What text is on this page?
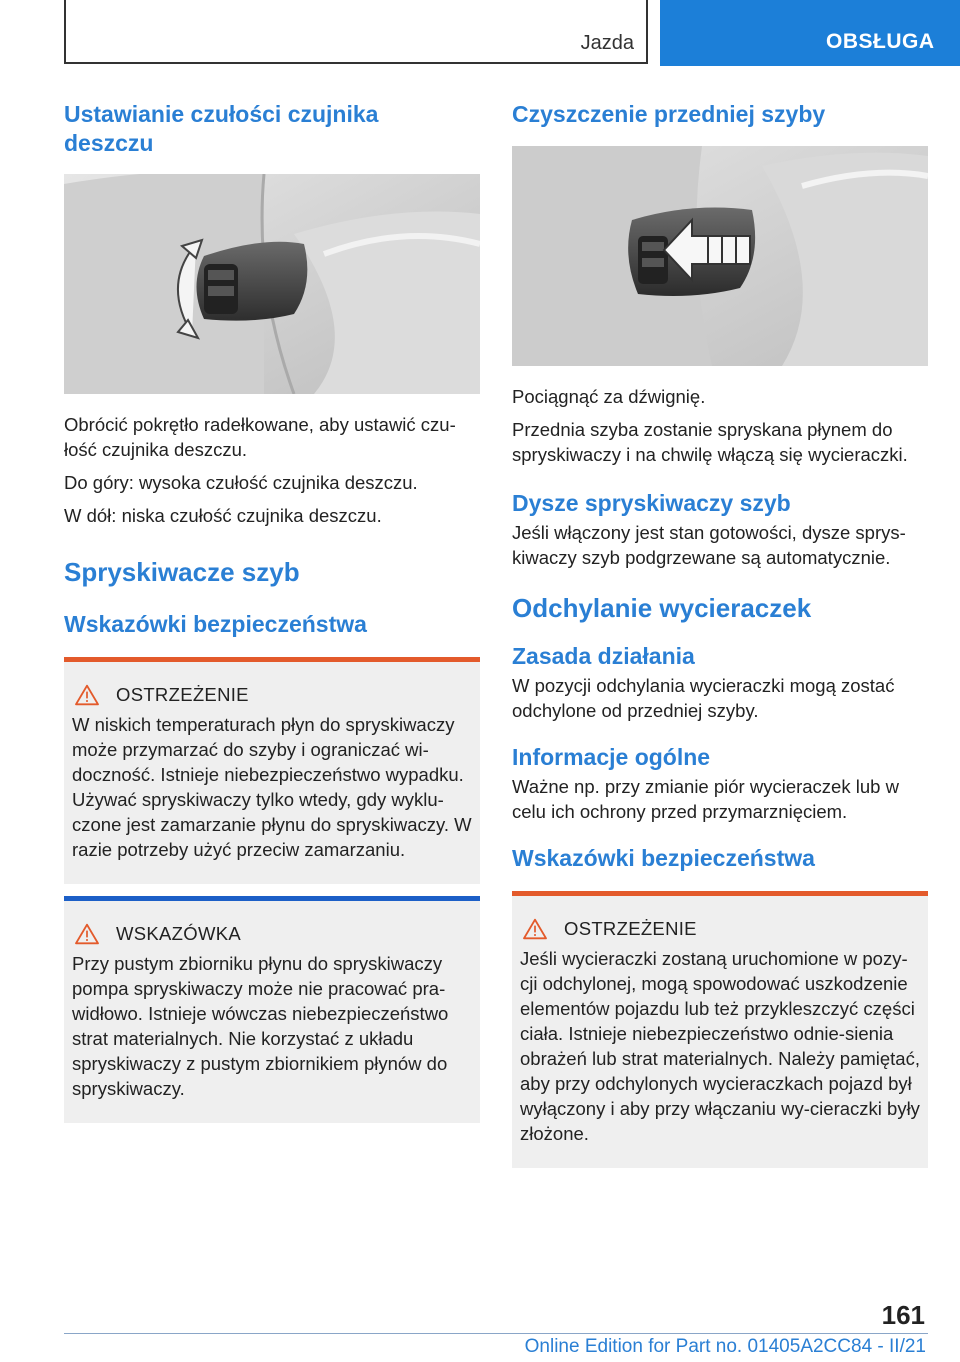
Jazda	OBSŁUGA
Ustawianie czułości czujnika deszczu

Obrócić pokrętło radełkowane, aby ustawić czu-łość czujnika deszczu.

Do góry: wysoka czułość czujnika deszczu.

W dół: niska czułość czujnika deszczu.

Spryskiwacze szyb
Wskazówki bezpieczeństwa
OSTRZEŻENIE

W niskich temperaturach płyn do spryskiwaczy może przymarzać do szyby i ograniczać wi-doczność. Istnieje niebezpieczeństwo wypadku. Używać spryskiwaczy tylko wtedy, gdy wyklu-czone jest zamarzanie płynu do spryskiwaczy. W razie potrzeby użyć przeciw zamarzaniu.

WSKAZÓWKA

Przy pustym zbiorniku płynu do spryskiwaczy pompa spryskiwaczy może nie pracować pra-widłowo. Istnieje wówczas niebezpieczeństwo strat materialnych. Nie korzystać z układu spryskiwaczy z pustym zbiornikiem płynów do spryskiwaczy.

Czyszczenie przedniej szyby

Pociągnąć za dźwignię.

Przednia szyba zostanie spryskana płynem do spryskiwaczy i na chwilę włączą się wycieraczki.

Dysze spryskiwaczy szyb

Jeśli włączony jest stan gotowości, dysze sprys-kiwaczy szyb podgrzewane są automatycznie.

Odchylanie wycieraczek
Zasada działania

W pozycji odchylania wycieraczki mogą zostać odchylone od przedniej szyby.

Informacje ogólne

Ważne np. przy zmianie piór wycieraczek lub w celu ich ochrony przed przymarznięciem.

Wskazówki bezpieczeństwa
OSTRZEŻENIE

Jeśli wycieraczki zostaną uruchomione w pozy-cji odchylonej, mogą spowodować uszkodzenie elementów pojazdu lub też przykleszczyć części ciała. Istnieje niebezpieczeństwo odnie-sienia obrażeń lub strat materialnych. Należy pamiętać, aby przy odchylonych wycieraczkach pojazd był wyłączony i aby przy włączaniu wy-cieraczki były złożone.

161
Online Edition for Part no. 01405A2CC84 - II/21
